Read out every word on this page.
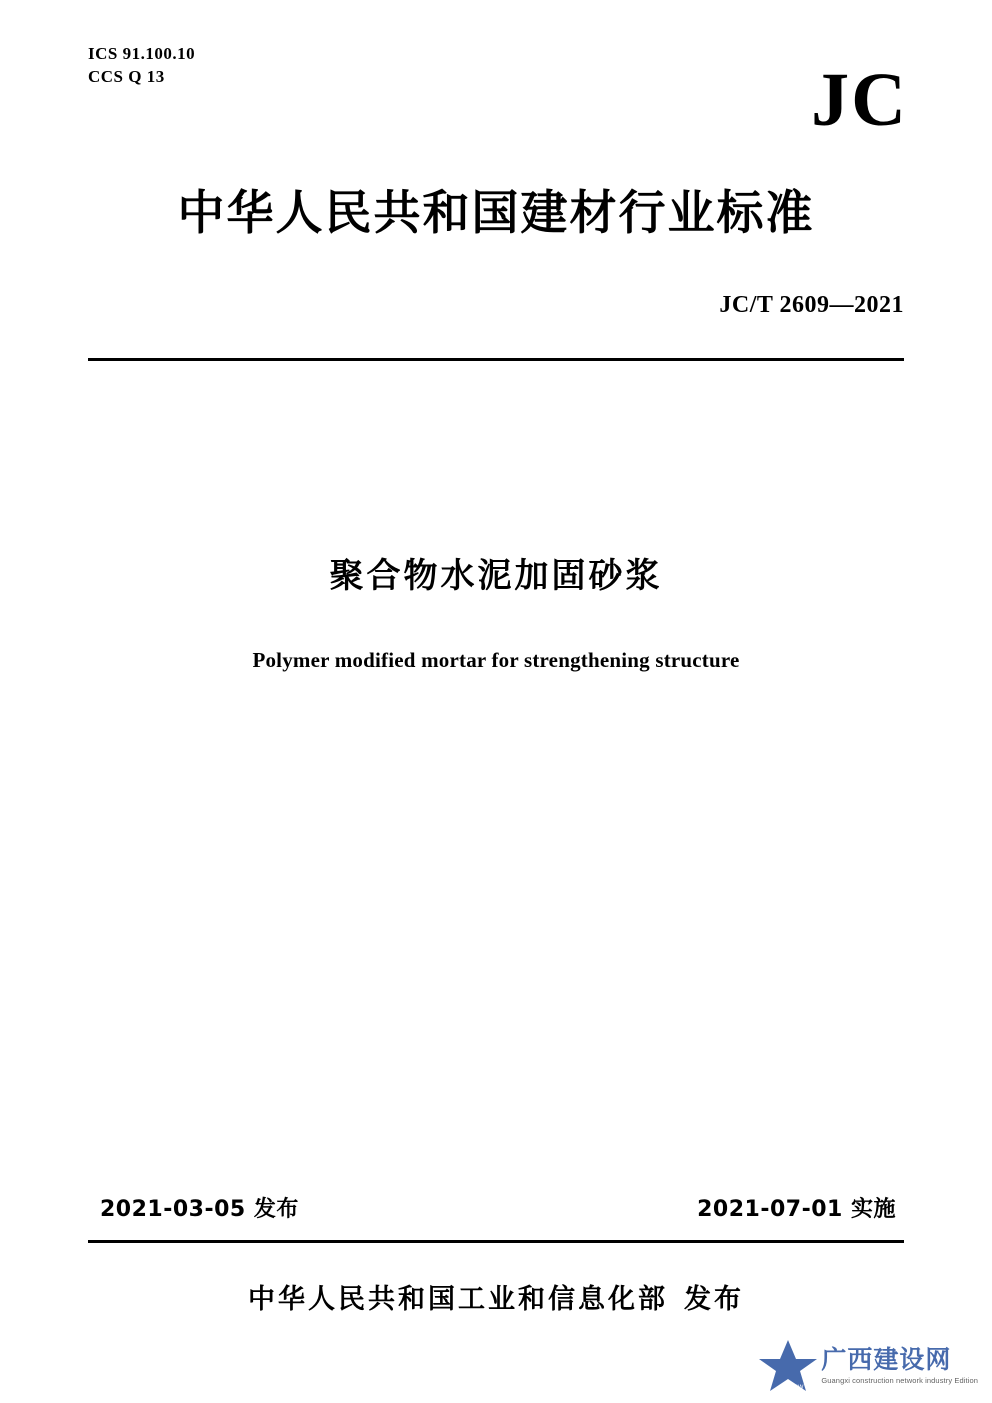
ICS 91.100.10
CCS Q 13	JC
中华人民共和国建材行业标准
JC/T 2609—2021
聚合物水泥加固砂浆
Polymer modified mortar for strengthening structure
2021-03-05 发布	2021-07-01 实施
中华人民共和国工业和信息化部 发布
GXJSW
广西建设网
Guangxi construction network industry Edition
